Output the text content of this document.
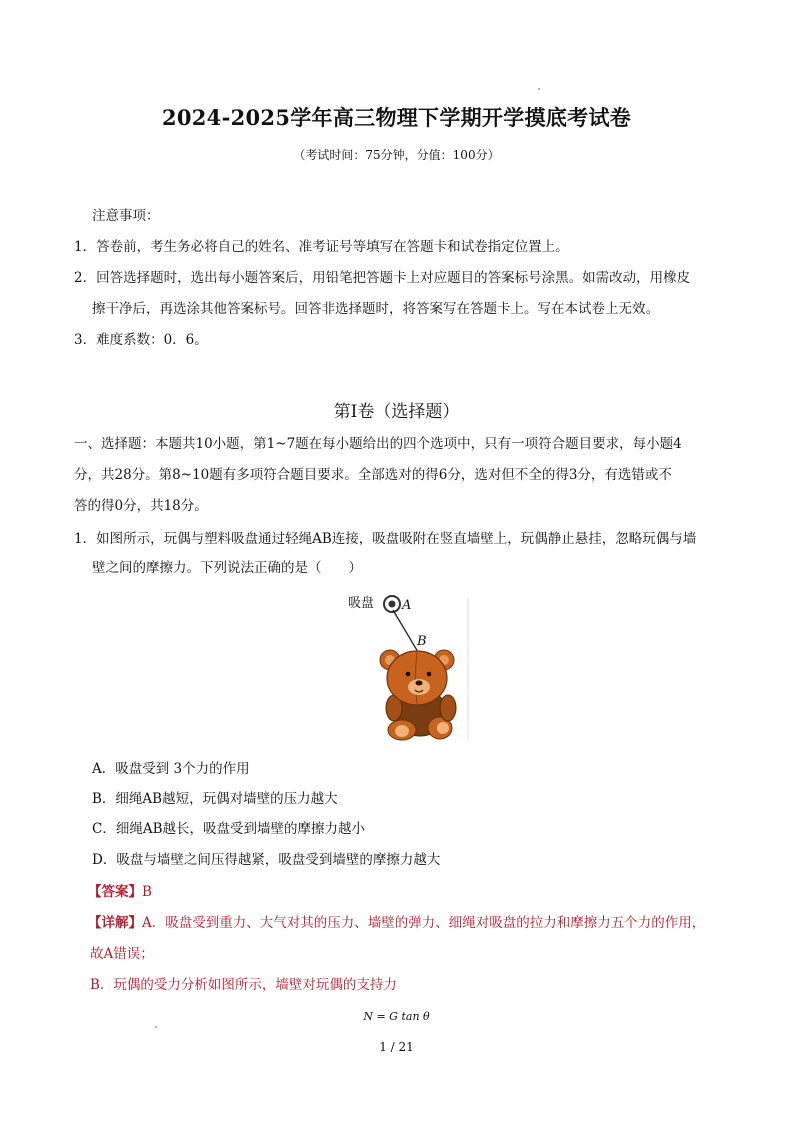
2024-2025学年高三物理下学期开学摸底考试卷
（考试时间：75分钟，分值：100分）
注意事项：
1．答卷前，考生务必将自己的姓名、准考证号等填写在答题卡和试卷指定位置上。
2．回答选择题时，选出每小题答案后，用铅笔把答题卡上对应题目的答案标号涂黑。如需改动，用橡皮
擦干净后，再选涂其他答案标号。回答非选择题时，将答案写在答题卡上。写在本试卷上无效。
3．难度系数：0．6。
第Ⅰ卷（选择题）
一、选择题：本题共10小题，第1~7题在每小题给出的四个选项中，只有一项符合题目要求，每小题4
分，共28分。第8~10题有多项符合题目要求。全部选对的得6分，选对但不全的得3分，有选错或不
答的得0分，共18分。
1．如图所示，玩偶与塑料吸盘通过轻绳AB连接，吸盘吸附在竖直墙壁上，玩偶静止悬挂，忽略玩偶与墙
壁之间的摩擦力。下列说法正确的是（　　）
吸盘 A
B
A．吸盘受到 3个力的作用
B．细绳AB越短，玩偶对墙壁的压力越大
C．细绳AB越长，吸盘受到墙壁的摩擦力越小
D．吸盘与墙壁之间压得越紧，吸盘受到墙壁的摩擦力越大
【答案】B
【详解】A．吸盘受到重力、大气对其的压力、墙壁的弹力、细绳对吸盘的拉力和摩擦力五个力的作用，
故A错误；
B．玩偶的受力分析如图所示，墙壁对玩偶的支持力
N = G tan θ
1 / 21
